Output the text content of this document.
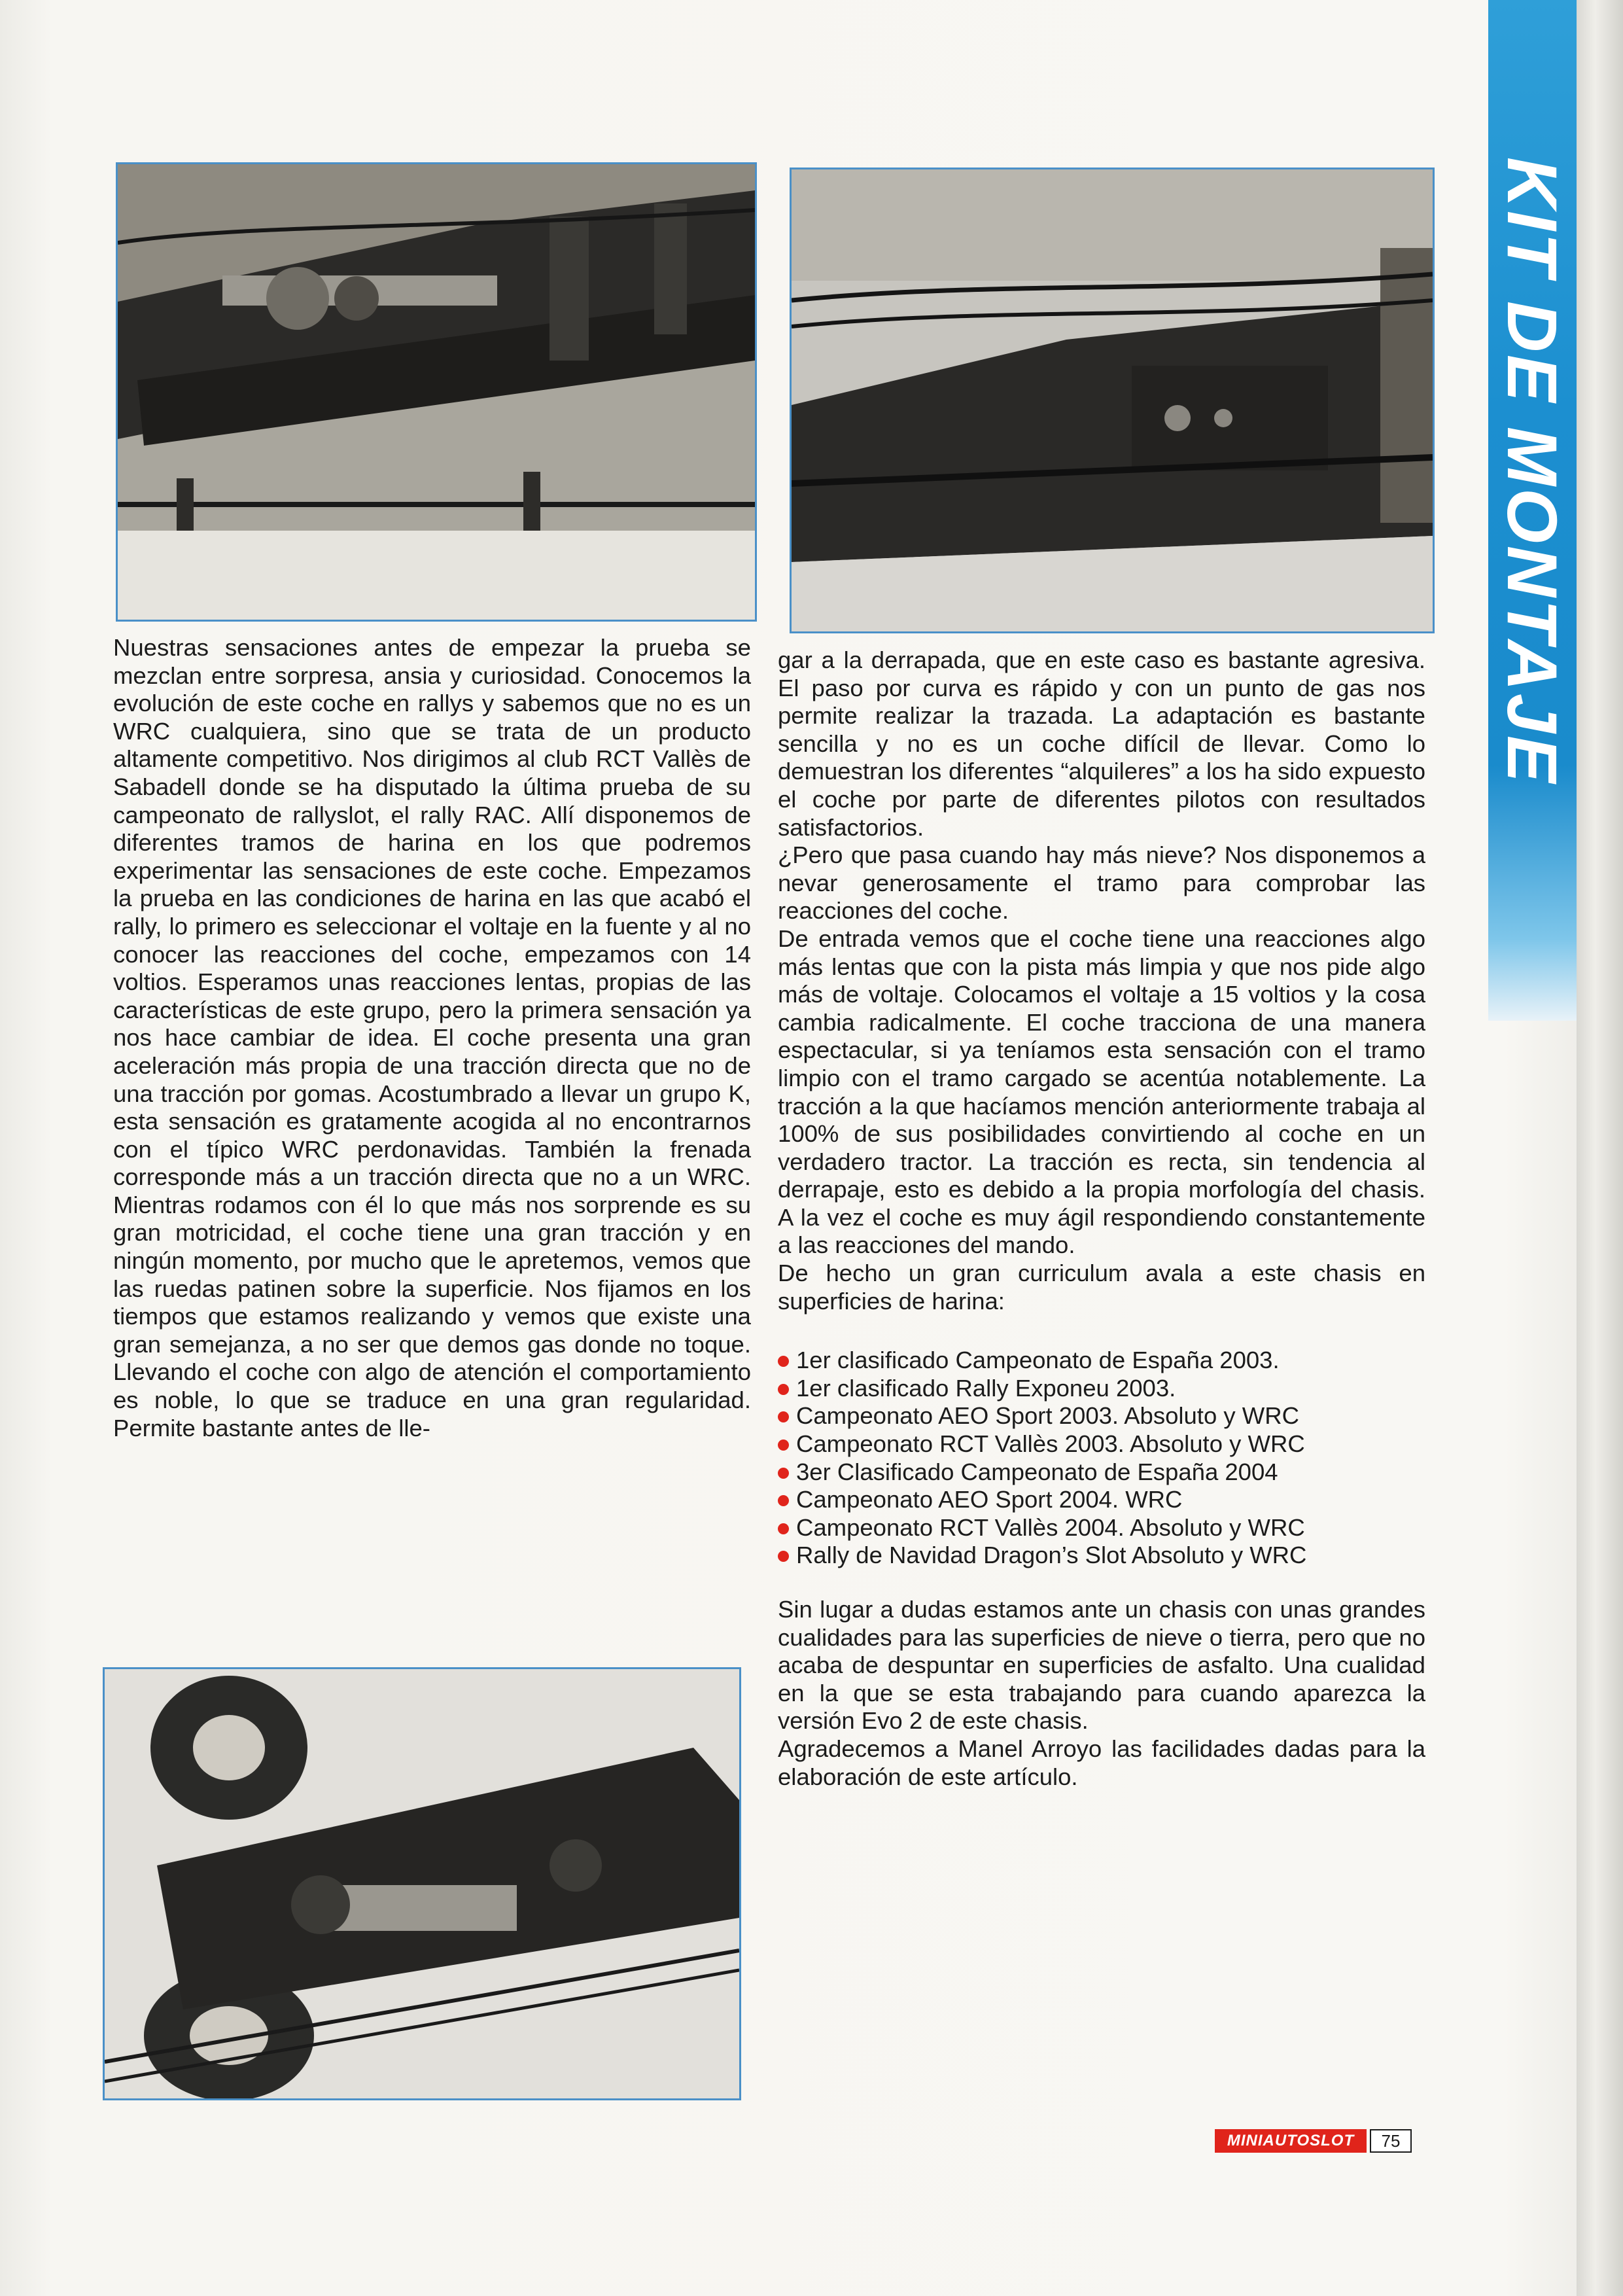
KIT DE MONTAJE

Nuestras sensaciones antes de empezar la prueba se mezclan entre sorpresa, ansia y curiosidad. Conocemos la evolución de este coche en rallys y sabemos que no es un WRC cualquiera, sino que se trata de un producto altamente competitivo. Nos dirigimos al club RCT Vallès de Sabadell donde se ha disputado la última prueba de su campeonato de rallyslot, el rally RAC. Allí disponemos de diferentes tramos de harina en los que podremos experimentar las sensaciones de este coche. Empezamos la prueba en las condiciones de harina en las que acabó el rally, lo primero es seleccionar el voltaje en la fuente y al no conocer las reacciones del coche, empezamos con 14 voltios. Esperamos unas reacciones lentas, propias de las características de este grupo, pero la primera sensación ya nos hace cambiar de idea. El coche presenta una gran aceleración más propia de una tracción directa que no de una tracción por gomas. Acostumbrado a llevar un grupo K, esta sensación es gratamente acogida al no encontrarnos con el típico WRC perdonavidas. También la frenada corresponde más a un tracción directa que no a un WRC. Mientras rodamos con él lo que más nos sorprende es su gran motricidad, el coche tiene una gran tracción y en ningún momento, por mucho que le apretemos, vemos que las ruedas patinen sobre la superficie. Nos fijamos en los tiempos que estamos realizando y vemos que existe una gran semejanza, a no ser que demos gas donde no toque. Llevando el coche con algo de atención el comportamiento es noble, lo que se traduce en una gran regularidad. Permite bastante antes de lle-

gar a la derrapada, que en este caso es bastante agresiva. El paso por curva es rápido y con un punto de gas nos permite realizar la trazada. La adaptación es bastante sencilla y no es un coche difícil de llevar. Como lo demuestran los diferentes “alquileres” a los ha sido expuesto el coche por parte de diferentes pilotos con resultados satisfactorios.

¿Pero que pasa cuando hay más nieve? Nos disponemos a nevar generosamente el tramo para comprobar las reacciones del coche.

De entrada vemos que el coche tiene una reacciones algo más lentas que con la pista más limpia y que nos pide algo más de voltaje. Colocamos el voltaje a 15 voltios y la cosa cambia radicalmente. El coche tracciona de una manera espectacular, si ya teníamos esta sensación con el tramo limpio con el tramo cargado se acentúa notablemente. La tracción a la que hacíamos mención anteriormente trabaja al 100% de sus posibilidades convirtiendo al coche en un verdadero tractor. La tracción es recta, sin tendencia al derrapaje, esto es debido a la propia morfología del chasis. A la vez el coche es muy ágil respondiendo constantemente a las reacciones del mando.

De hecho un gran curriculum avala a este chasis en superficies de harina:

1er clasificado Campeonato de España 2003.
1er clasificado Rally Exponeu 2003.
Campeonato AEO Sport 2003. Absoluto y WRC
Campeonato RCT Vallès 2003. Absoluto y WRC
3er Clasificado Campeonato de España 2004
Campeonato AEO Sport 2004. WRC
Campeonato RCT Vallès 2004. Absoluto y WRC
Rally de Navidad Dragon’s Slot Absoluto y WRC

Sin lugar a dudas estamos ante un chasis con unas grandes cualidades para las superficies de nieve o tierra, pero que no acaba de despuntar en superficies de asfalto. Una cualidad en la que se esta trabajando para cuando aparezca la versión Evo 2 de este chasis.

Agradecemos a Manel Arroyo las facilidades dadas para la elaboración de este artículo.

MINIAUTOSLOT	75
